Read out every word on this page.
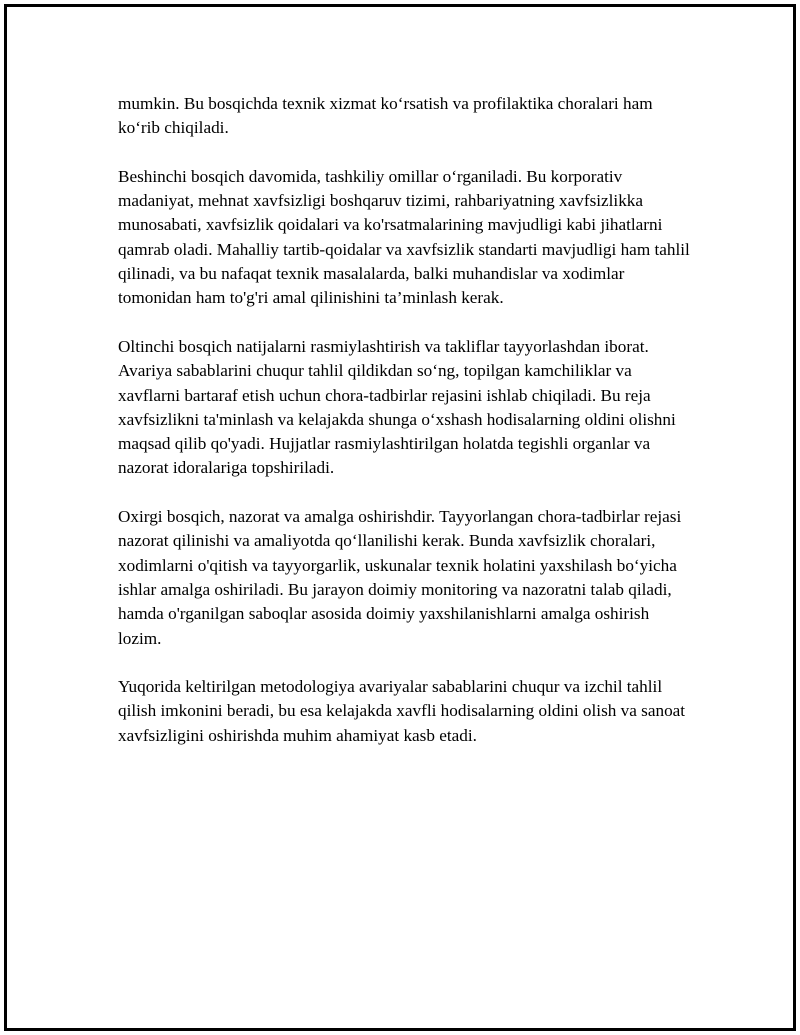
mumkin. Bu bosqichda texnik xizmat ko‘rsatish va profilaktika choralari ham ko‘rib chiqiladi.

Beshinchi bosqich davomida, tashkiliy omillar o‘rganiladi. Bu korporativ madaniyat, mehnat xavfsizligi boshqaruv tizimi, rahbariyatning xavfsizlikka munosabati, xavfsizlik qoidalari va ko'rsatmalarining mavjudligi kabi jihatlarni qamrab oladi. Mahalliy tartib-qoidalar va xavfsizlik standarti mavjudligi ham tahlil qilinadi, va bu nafaqat texnik masalalarda, balki muhandislar va xodimlar tomonidan ham to'g'ri amal qilinishini ta’minlash kerak.

Oltinchi bosqich natijalarni rasmiylashtirish va takliflar tayyorlashdan iborat. Avariya sabablarini chuqur tahlil qildikdan so‘ng, topilgan kamchiliklar va xavflarni bartaraf etish uchun chora-tadbirlar rejasini ishlab chiqiladi. Bu reja xavfsizlikni ta'minlash va kelajakda shunga o‘xshash hodisalarning oldini olishni maqsad qilib qo'yadi. Hujjatlar rasmiylashtirilgan holatda tegishli organlar va nazorat idoralariga topshiriladi.

Oxirgi bosqich, nazorat va amalga oshirishdir. Tayyorlangan chora-tadbirlar rejasi nazorat qilinishi va amaliyotda qo‘llanilishi kerak. Bunda xavfsizlik choralari, xodimlarni o'qitish va tayyorgarlik, uskunalar texnik holatini yaxshilash bo‘yicha ishlar amalga oshiriladi. Bu jarayon doimiy monitoring va nazoratni talab qiladi, hamda o'rganilgan saboqlar asosida doimiy yaxshilanishlarni amalga oshirish lozim.

Yuqorida keltirilgan metodologiya avariyalar sabablarini chuqur va izchil tahlil qilish imkonini beradi, bu esa kelajakda xavfli hodisalarning oldini olish va sanoat xavfsizligini oshirishda muhim ahamiyat kasb etadi.
